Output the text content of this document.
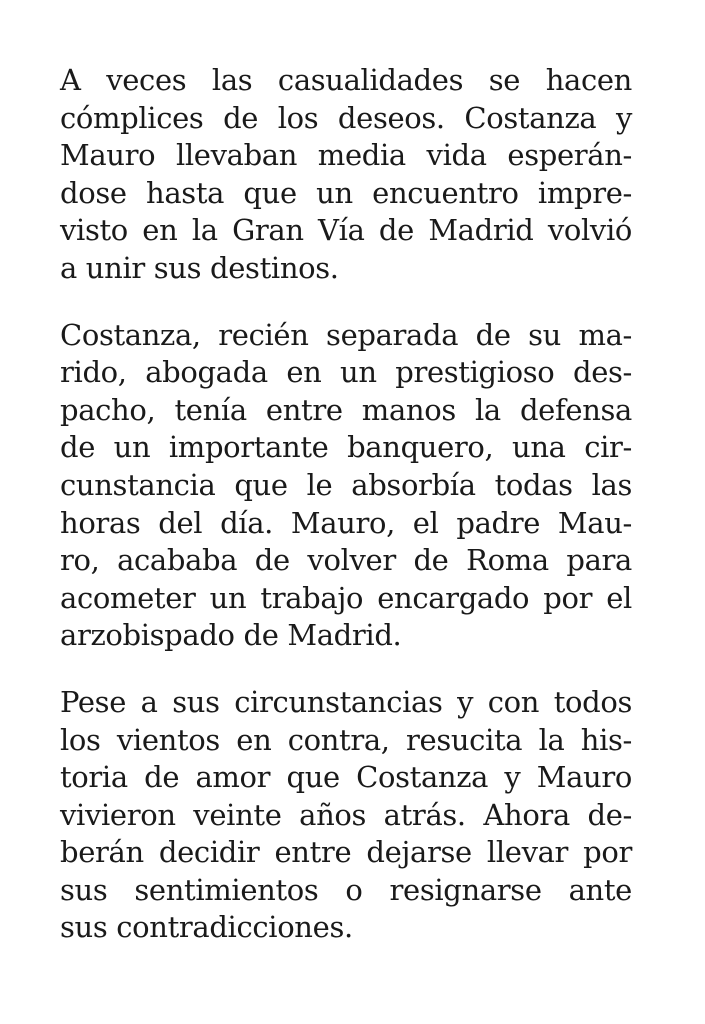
A veces las casualidades se hacen
cómplices de los deseos. Costanza y
Mauro llevaban media vida esperán-
dose hasta que un encuentro impre-
visto en la Gran Vía de Madrid volvió
a unir sus destinos.
Costanza, recién separada de su ma-
rido, abogada en un prestigioso des-
pacho, tenía entre manos la defensa
de un importante banquero, una cir-
cunstancia que le absorbía todas las
horas del día. Mauro, el padre Mau-
ro, acababa de volver de Roma para
acometer un trabajo encargado por el
arzobispado de Madrid.
Pese a sus circunstancias y con todos
los vientos en contra, resucita la his-
toria de amor que Costanza y Mauro
vivieron veinte años atrás. Ahora de-
berán decidir entre dejarse llevar por
sus sentimientos o resignarse ante
sus contradicciones.
